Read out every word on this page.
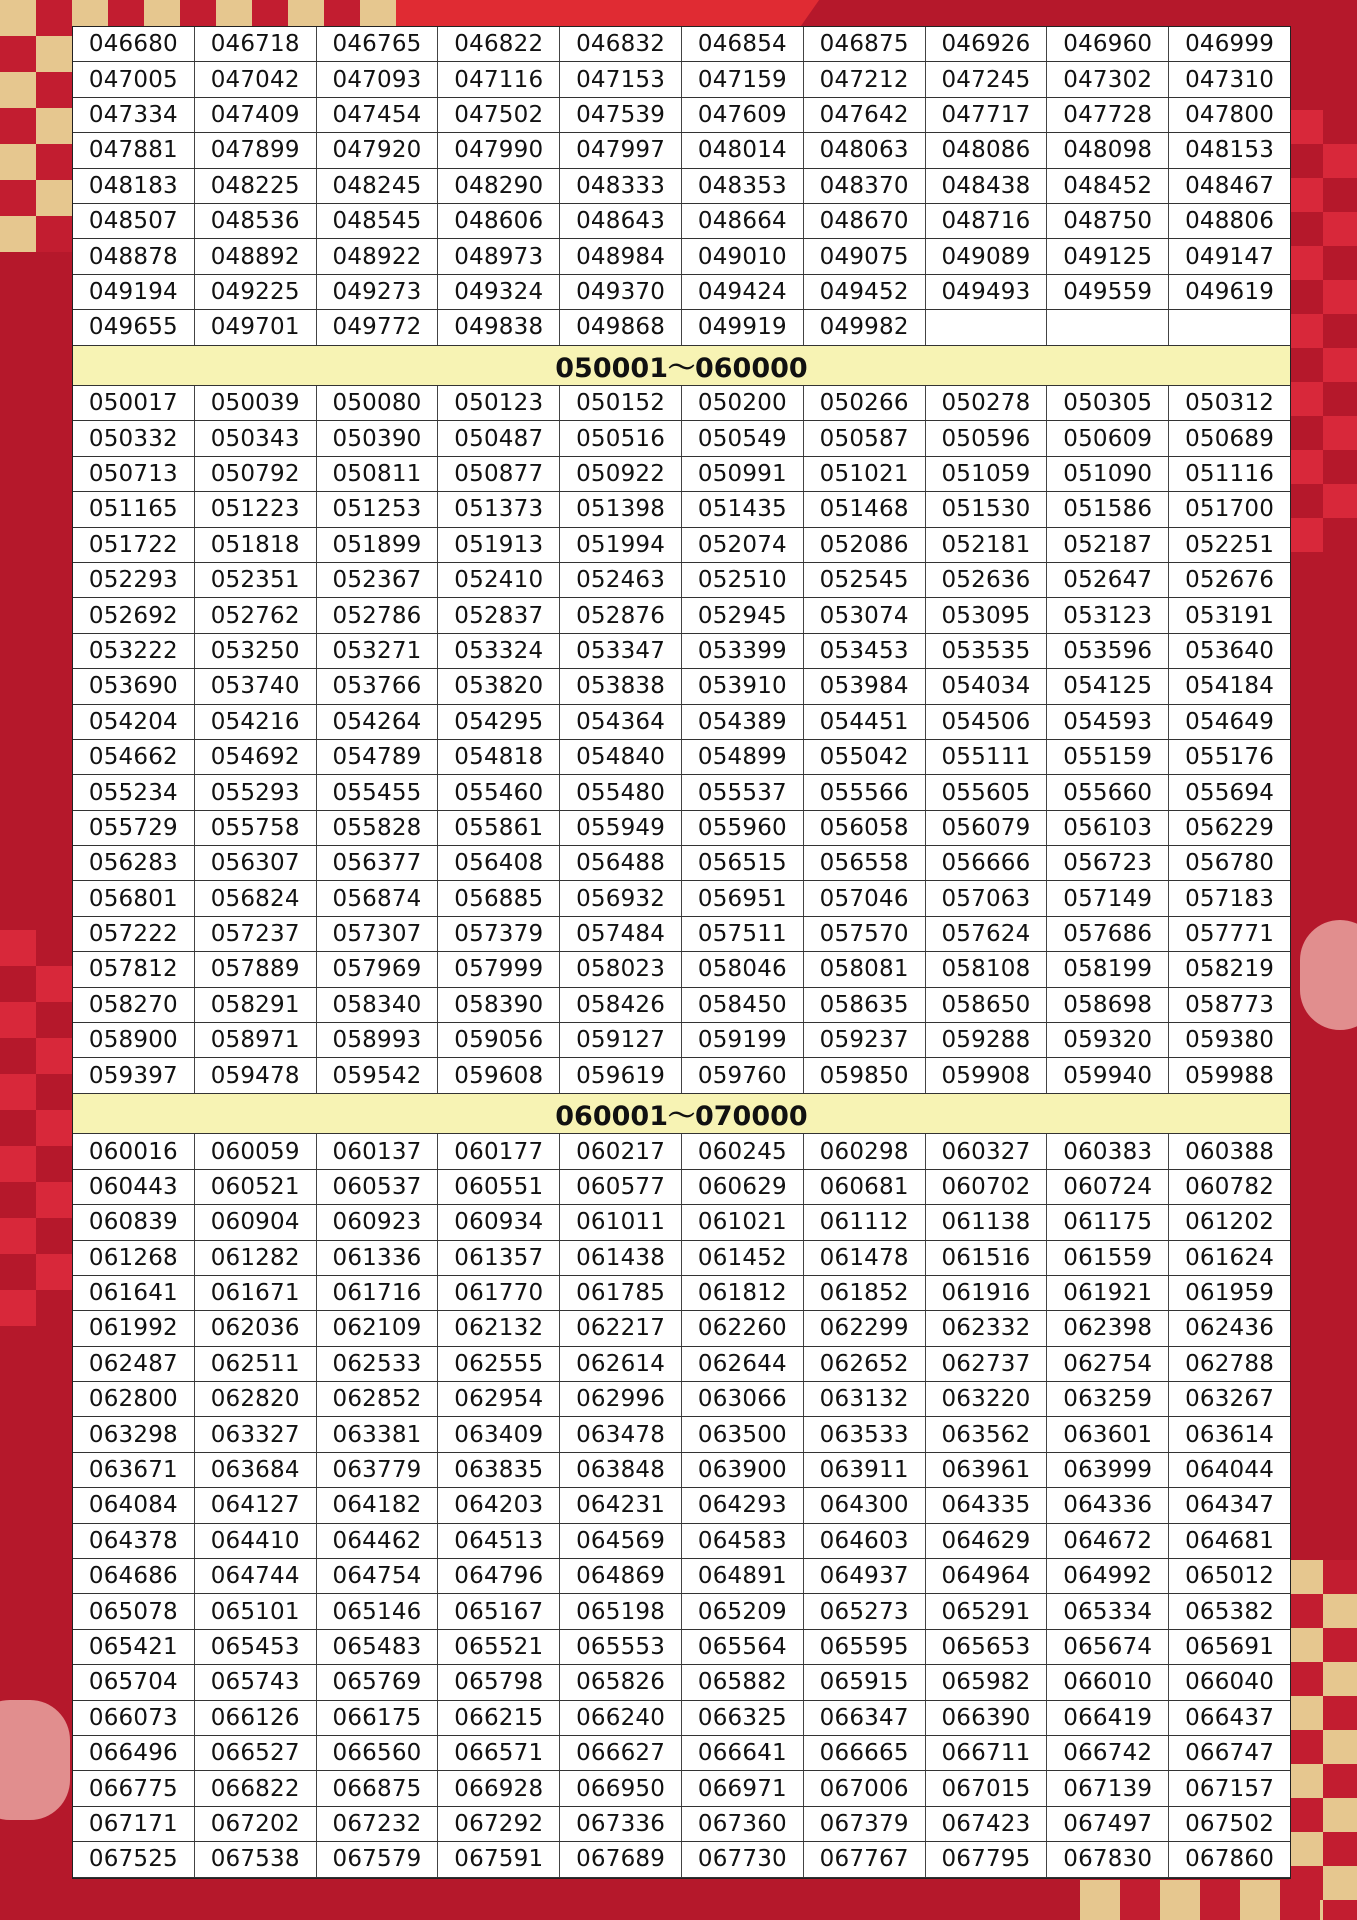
046680	046718	046765	046822	046832	046854	046875	046926	046960	046999
047005	047042	047093	047116	047153	047159	047212	047245	047302	047310
047334	047409	047454	047502	047539	047609	047642	047717	047728	047800
047881	047899	047920	047990	047997	048014	048063	048086	048098	048153
048183	048225	048245	048290	048333	048353	048370	048438	048452	048467
048507	048536	048545	048606	048643	048664	048670	048716	048750	048806
048878	048892	048922	048973	048984	049010	049075	049089	049125	049147
049194	049225	049273	049324	049370	049424	049452	049493	049559	049619
049655	049701	049772	049838	049868	049919	049982
050001～060000
050017	050039	050080	050123	050152	050200	050266	050278	050305	050312
050332	050343	050390	050487	050516	050549	050587	050596	050609	050689
050713	050792	050811	050877	050922	050991	051021	051059	051090	051116
051165	051223	051253	051373	051398	051435	051468	051530	051586	051700
051722	051818	051899	051913	051994	052074	052086	052181	052187	052251
052293	052351	052367	052410	052463	052510	052545	052636	052647	052676
052692	052762	052786	052837	052876	052945	053074	053095	053123	053191
053222	053250	053271	053324	053347	053399	053453	053535	053596	053640
053690	053740	053766	053820	053838	053910	053984	054034	054125	054184
054204	054216	054264	054295	054364	054389	054451	054506	054593	054649
054662	054692	054789	054818	054840	054899	055042	055111	055159	055176
055234	055293	055455	055460	055480	055537	055566	055605	055660	055694
055729	055758	055828	055861	055949	055960	056058	056079	056103	056229
056283	056307	056377	056408	056488	056515	056558	056666	056723	056780
056801	056824	056874	056885	056932	056951	057046	057063	057149	057183
057222	057237	057307	057379	057484	057511	057570	057624	057686	057771
057812	057889	057969	057999	058023	058046	058081	058108	058199	058219
058270	058291	058340	058390	058426	058450	058635	058650	058698	058773
058900	058971	058993	059056	059127	059199	059237	059288	059320	059380
059397	059478	059542	059608	059619	059760	059850	059908	059940	059988
060001～070000
060016	060059	060137	060177	060217	060245	060298	060327	060383	060388
060443	060521	060537	060551	060577	060629	060681	060702	060724	060782
060839	060904	060923	060934	061011	061021	061112	061138	061175	061202
061268	061282	061336	061357	061438	061452	061478	061516	061559	061624
061641	061671	061716	061770	061785	061812	061852	061916	061921	061959
061992	062036	062109	062132	062217	062260	062299	062332	062398	062436
062487	062511	062533	062555	062614	062644	062652	062737	062754	062788
062800	062820	062852	062954	062996	063066	063132	063220	063259	063267
063298	063327	063381	063409	063478	063500	063533	063562	063601	063614
063671	063684	063779	063835	063848	063900	063911	063961	063999	064044
064084	064127	064182	064203	064231	064293	064300	064335	064336	064347
064378	064410	064462	064513	064569	064583	064603	064629	064672	064681
064686	064744	064754	064796	064869	064891	064937	064964	064992	065012
065078	065101	065146	065167	065198	065209	065273	065291	065334	065382
065421	065453	065483	065521	065553	065564	065595	065653	065674	065691
065704	065743	065769	065798	065826	065882	065915	065982	066010	066040
066073	066126	066175	066215	066240	066325	066347	066390	066419	066437
066496	066527	066560	066571	066627	066641	066665	066711	066742	066747
066775	066822	066875	066928	066950	066971	067006	067015	067139	067157
067171	067202	067232	067292	067336	067360	067379	067423	067497	067502
067525	067538	067579	067591	067689	067730	067767	067795	067830	067860
